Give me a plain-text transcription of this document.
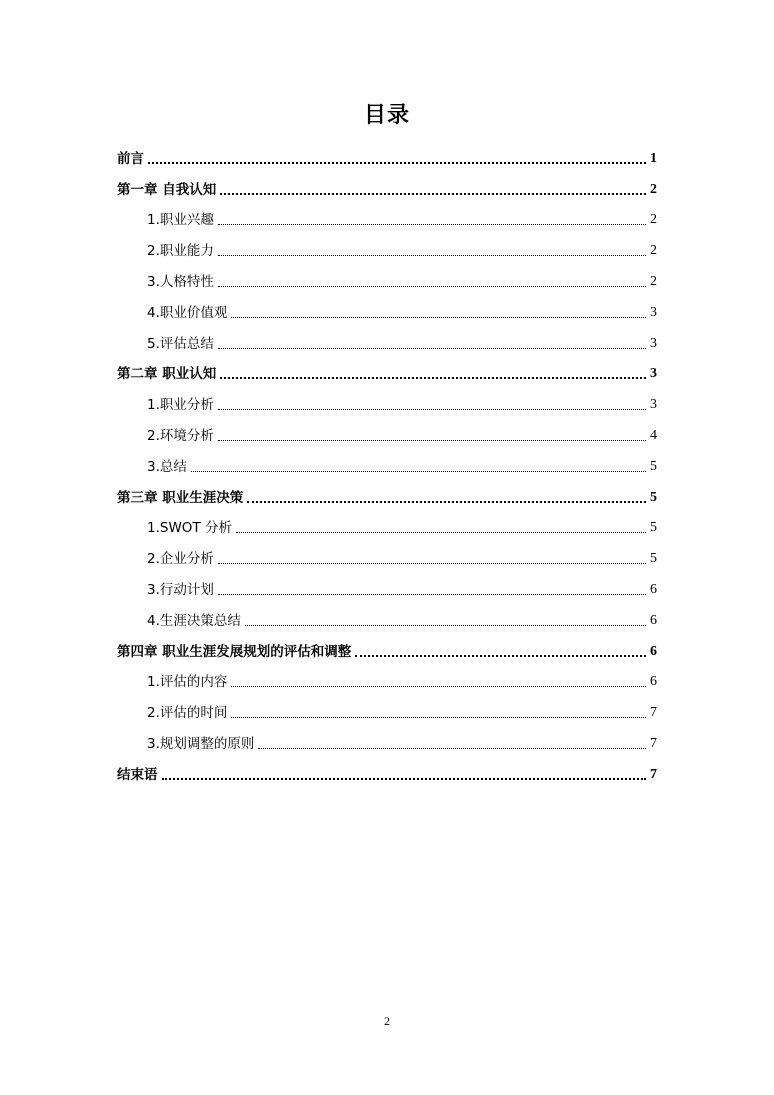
目录
前言	1
第一章 自我认知	2
1.职业兴趣	2
2.职业能力	2
3.人格特性	2
4.职业价值观	3
5.评估总结	3
第二章 职业认知	3
1.职业分析	3
2.环境分析	4
3.总结	5
第三章 职业生涯决策	5
1.SWOT 分析	5
2.企业分析	5
3.行动计划	6
4.生涯决策总结	6
第四章 职业生涯发展规划的评估和调整	6
1.评估的内容	6
2.评估的时间	7
3.规划调整的原则	7
结束语	7
2
